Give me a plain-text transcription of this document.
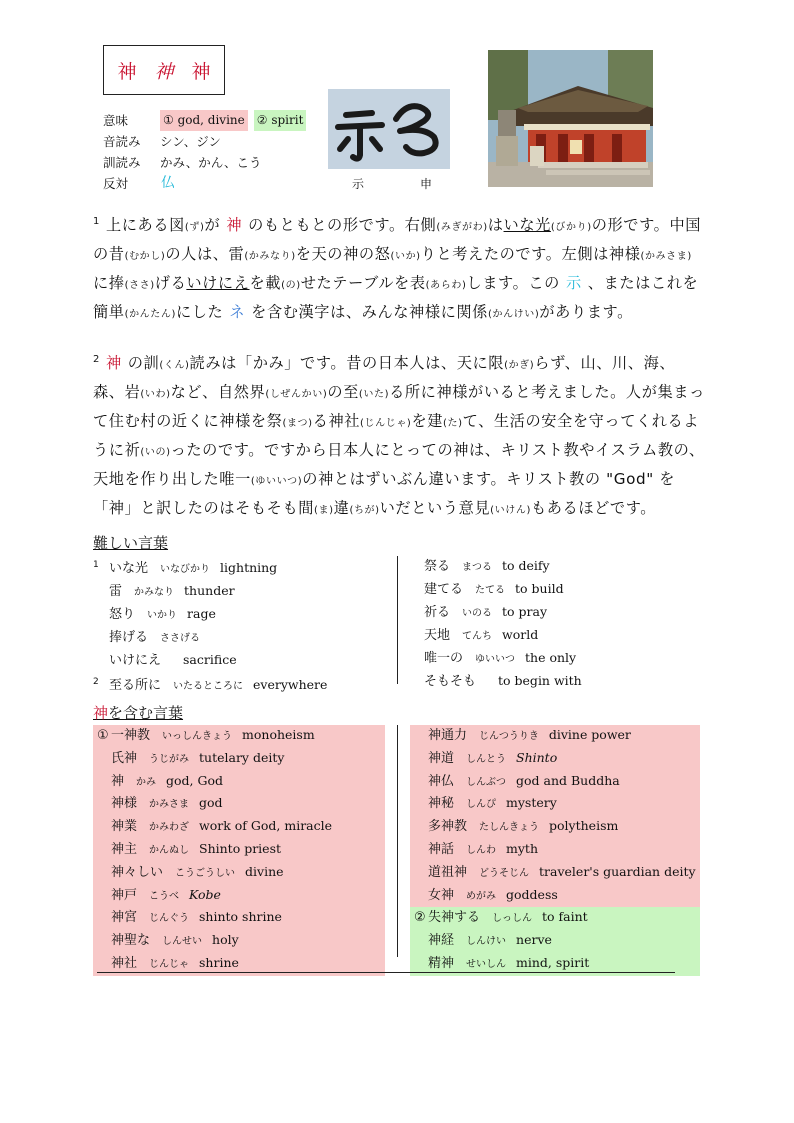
神 神 神
意味	① god, divine ② spirit
音読み	シン、ジン
訓読み	かみ、かん、こう
反対	仏	示	申

$^1$ 上にある図(ず)が 神 のもともとの形です。右側(みぎがわ)はいな光(びかり)の形です。中国の昔(むかし)の人は、雷(かみなり)を天の神の怒(いか)りと考えたのです。左側は神様(かみさま)に捧(ささ)げるいけにえを載(の)せたテーブルを表(あらわ)します。この 示 、またはこれを簡単(かんたん)にした ネ を含む漢字は、みんな神様に関係(かんけい)があります。

$^2$ 神 の訓(くん)読みは「かみ」です。昔の日本人は、天に限(かぎ)らず、山、川、海、森、岩(いわ)など、自然界(しぜんかい)の至(いた)る所に神様がいると考えました。人が集まって住む村の近くに神様を祭(まつ)る神社(じんじゃ)を建(た)て、生活の安全を守ってくれるように祈(いの)ったのです。ですから日本人にとっての神は、キリスト教やイスラム教の、天地を作り出した唯一(ゆいいつ)の神とはずいぶん違います。キリスト教の "God" を「神」と訳したのはそもそも間(ま)違(ちが)いだという意見(いけん)もあるほどです。

難しい言葉
1 いな光 いなびかり lightning
雷 かみなり thunder
怒り いかり rage
捧げる ささげる
いけにえ sacrifice
2 至る所に いたるところに everywhere
祭る まつる to deify
建てる たてる to build
祈る いのる to pray
天地 てんち world
唯一の ゆいいつ the only
そもそも to begin with
神を含む言葉
① 一神教 いっしんきょう monoheism
氏神 うじがみ tutelary deity
神 かみ god, God
神様 かみさま god
神業 かみわざ work of God, miracle
神主 かんぬし Shinto priest
神々しい こうごうしい divine
神戸 こうべ Kobe
神宮 じんぐう shinto shrine
神聖な しんせい holy
神社 じんじゃ shrine
神通力 じんつうりき divine power
神道 しんとう Shinto
神仏 しんぶつ god and Buddha
神秘 しんぴ mystery
多神教 たしんきょう polytheism
神話 しんわ myth
道祖神 どうそじん traveler's guardian deity
女神 めがみ goddess
② 失神する しっしん to faint
神経 しんけい nerve
精神 せいしん mind, spirit
